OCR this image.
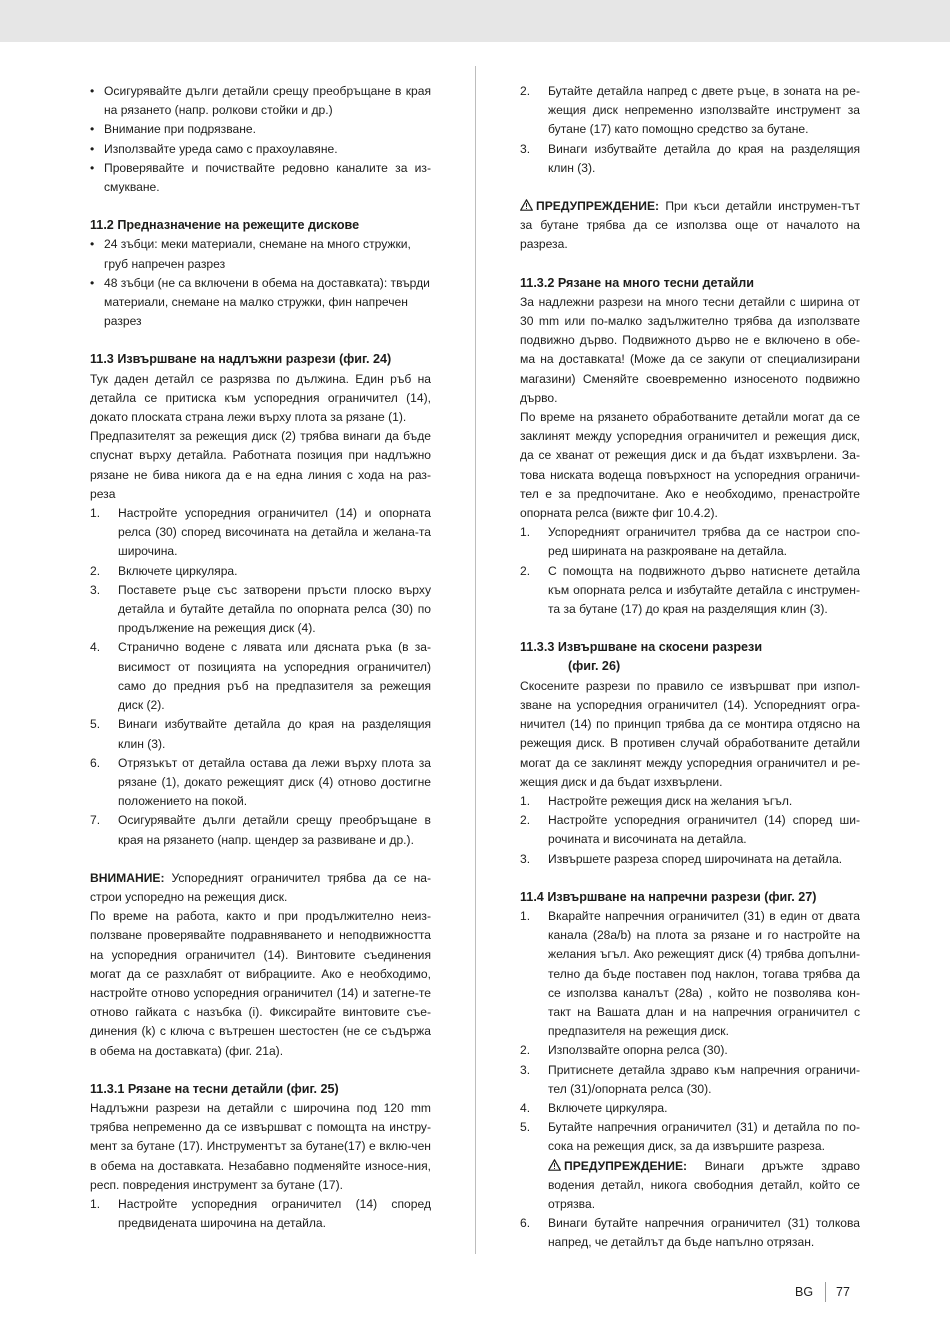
• Осигурявайте дълги детайли срещу преобръщане в края на рязането (напр. ролкови стойки и др.)

• Внимание при подрязване.

• Използвайте уреда само с прахоулавяне.

• Проверявайте и почиствайте редовно каналите за из-смукване.

11.2 Предназначение на режещите дискове

• 24 зъбци: меки материали, снемане на много стружки, груб напречен разрез

• 48 зъбци (не са включени в обема на доставката): твърди материали, снемане на малко стружки, фин напречен разрез

11.3 Извършване на надлъжни разрези (фиг. 24)

Тук даден детайл се разрязва по дължина. Един ръб на детайла се притиска към успоредния ограничител (14), докато плоската страна лежи върху плота за рязане (1).

Предпазителят за режещия диск (2) трябва винаги да бъде спуснат върху детайла. Работната позиция при надлъжно рязане не бива никога да е на една линия с хода на раз-реза

1. Настройте успоредния ограничител (14) и опорната релса (30) според височината на детайла и желана-та широчина.

2. Включете циркуляра.

3. Поставете ръце със затворени пръсти плоско върху детайла и бутайте детайла по опорната релса (30) по продължение на режещия диск (4).

4. Странично водене с лявата или дясната ръка (в за-висимост от позицията на успоредния ограничител) само до предния ръб на предпазителя за режещия диск (2).

5. Винаги избутвайте детайла до края на разделящия клин (3).

6. Отрязъкът от детайла остава да лежи върху плота за рязане (1), докато режещият диск (4) отново достигне положението на покой.

7. Осигурявайте дълги детайли срещу преобръщане в края на рязането (напр. щендер за развиване и др.).

ВНИМАНИЕ: Успоредният ограничител трябва да се на-строи успоредно на режещия диск.

По време на работа, както и при продължително неиз-ползване проверявайте подравняването и неподвижността на успоредния ограничител (14). Винтовите съединения могат да се разхлабят от вибрациите. Ако е необходимо, настройте отново успоредния ограничител (14) и затегне-те отново гайката с назъбка (i). Фиксирайте винтовите съе-динения (k) с ключа с вътрешен шестостен (не се съдържа в обема на доставката) (фиг. 21a).

11.3.1 Рязане на тесни детайли (фиг. 25)

Надлъжни разрези на детайли с широчина под 120 mm трябва непременно да се извършват с помощта на инстру-мент за бутане (17). Инструментът за бутане(17) е вклю-чен в обема на доставката. Незабавно подменяйте износе-ния, респ. повредения инструмент за бутане (17).

1. Настройте успоредния ограничител (14) според предвидената широчина на детайла.

2. Бутайте детайла напред с двете ръце, в зоната на ре-жещия диск непременно използвайте инструмент за бутане (17) като помощно средство за бутане.

3. Винаги избутвайте детайла до края на разделящия клин (3).

ПРЕДУПРЕЖДЕНИЕ: При къси детайли инструмен-тът за бутане трябва да се използва още от началото на разреза.

11.3.2 Рязане на много тесни детайли

За надлежни разрези на много тесни детайли с ширина от 30 mm или по-малко задължително трябва да използвате подвижно дърво. Подвижното дърво не е включено в обе-ма на доставката! (Може да се закупи от специализирани магазини) Сменяйте своевременно износеното подвижно дърво.

По време на рязането обработваните детайли могат да се заклинят между успоредния ограничител и режещия диск, да се хванат от режещия диск и да бъдат изхвърлени. За-това ниската водеща повърхност на успоредния ограничи-тел е за предпочитане. Ако е необходимо, пренастройте опорната релса (вижте фиг 10.4.2).

1. Успоредният ограничител трябва да се настрои спо-ред ширината на разкрояване на детайла.

2. С помощта на подвижното дърво натиснете детайла към опорната релса и избутайте детайла с инструмен-та за бутане (17) до края на разделящия клин (3).

11.3.3 Извършване на скосени разрези
(фиг. 26)

Скосените разрези по правило се извършват при изпол-зване на успоредния ограничител (14). Успоредният огра-ничител (14) по принцип трябва да се монтира отдясно на режещия диск. В противен случай обработваните детайли могат да се заклинят между успоредния ограничител и ре-жещия диск и да бъдат изхвърлени.

1. Настройте режещия диск на желания ъгъл.

2. Настройте успоредния ограничител (14) според ши-рочината и височината на детайла.

3. Извършете разреза според широчината на детайла.

11.4 Извършване на напречни разрези (фиг. 27)
1. Вкарайте напречния ограничител (31) в един от двата канала (28a/b) на плота за рязане и го настройте на желания ъгъл. Ако режещият диск (4) трябва допълни-телно да бъде поставен под наклон, тогава трябва да се използва каналът (28a) , който не позволява кон-такт на Вашата длан и на напречния ограничител с предпазителя на режещия диск.

2. Използвайте опорна релса (30).

3. Притиснете детайла здраво към напречния ограничи-тел (31)/опорната релса (30).

4. Включете циркуляра.

5. Бутайте напречния ограничител (31) и детайла по по-сока на режещия диск, за да извършите разреза.

ПРЕДУПРЕЖДЕНИЕ: Винаги дръжте здраво водения детайл, никога свободния детайл, който се отрязва.

6. Винаги бутайте напречния ограничител (31) толкова напред, че детайлът да бъде напълно отрязан.

BG 77
